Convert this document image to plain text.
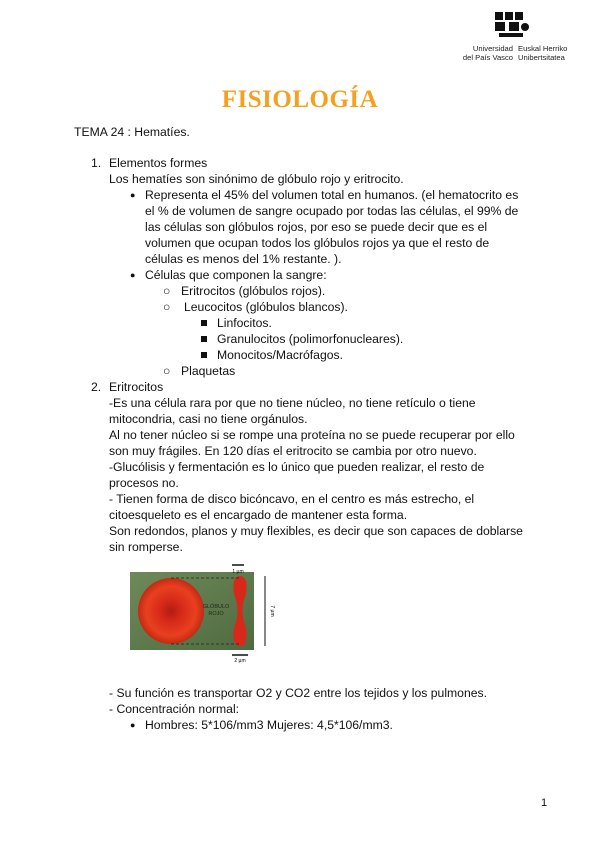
Universidad
del País Vasco
Euskal Herriko
Unibertsitatea
FISIOLOGÍA
TEMA 24 : Hematíes.
1. Elementos formes
Los hematíes son sinónimo de glóbulo rojo y eritrocito.
● Representa el 45% del volumen total en humanos. (el hematocrito es
el % de volumen de sangre ocupado por todas las células, el 99% de
las células son glóbulos rojos, por eso se puede decir que es el
volumen que ocupan todos los glóbulos rojos ya que el resto de
células es menos del 1% restante. ).
● Células que componen la sangre:
○ Eritrocitos (glóbulos rojos).
○ Leucocitos (glóbulos blancos).
Linfocitos.
Granulocitos (polimorfonucleares).
Monocitos/Macrófagos.
○ Plaquetas
2. Eritrocitos
-Es una célula rara por que no tiene núcleo, no tiene retículo o tiene
mitocondria, casi no tiene orgánulos.
Al no tener núcleo si se rompe una proteína no se puede recuperar por ello
son muy frágiles. En 120 días el eritrocito se cambia por otro nuevo.
-Glucólisis y fermentación es lo único que pueden realizar, el resto de
procesos no.
- Tienen forma de disco bicóncavo, en el centro es más estrecho, el
citoesqueleto es el encargado de mantener esta forma.
Son redondos, planos y muy flexibles, es decir que son capaces de doblarse
sin romperse.
1 µm
7 µm
2 µm
GLÓBULO
ROJO
- Su función es transportar O2 y CO2 entre los tejidos y los pulmones.
- Concentración normal:
● Hombres: 5*106/mm3 Mujeres: 4,5*106/mm3.
1
